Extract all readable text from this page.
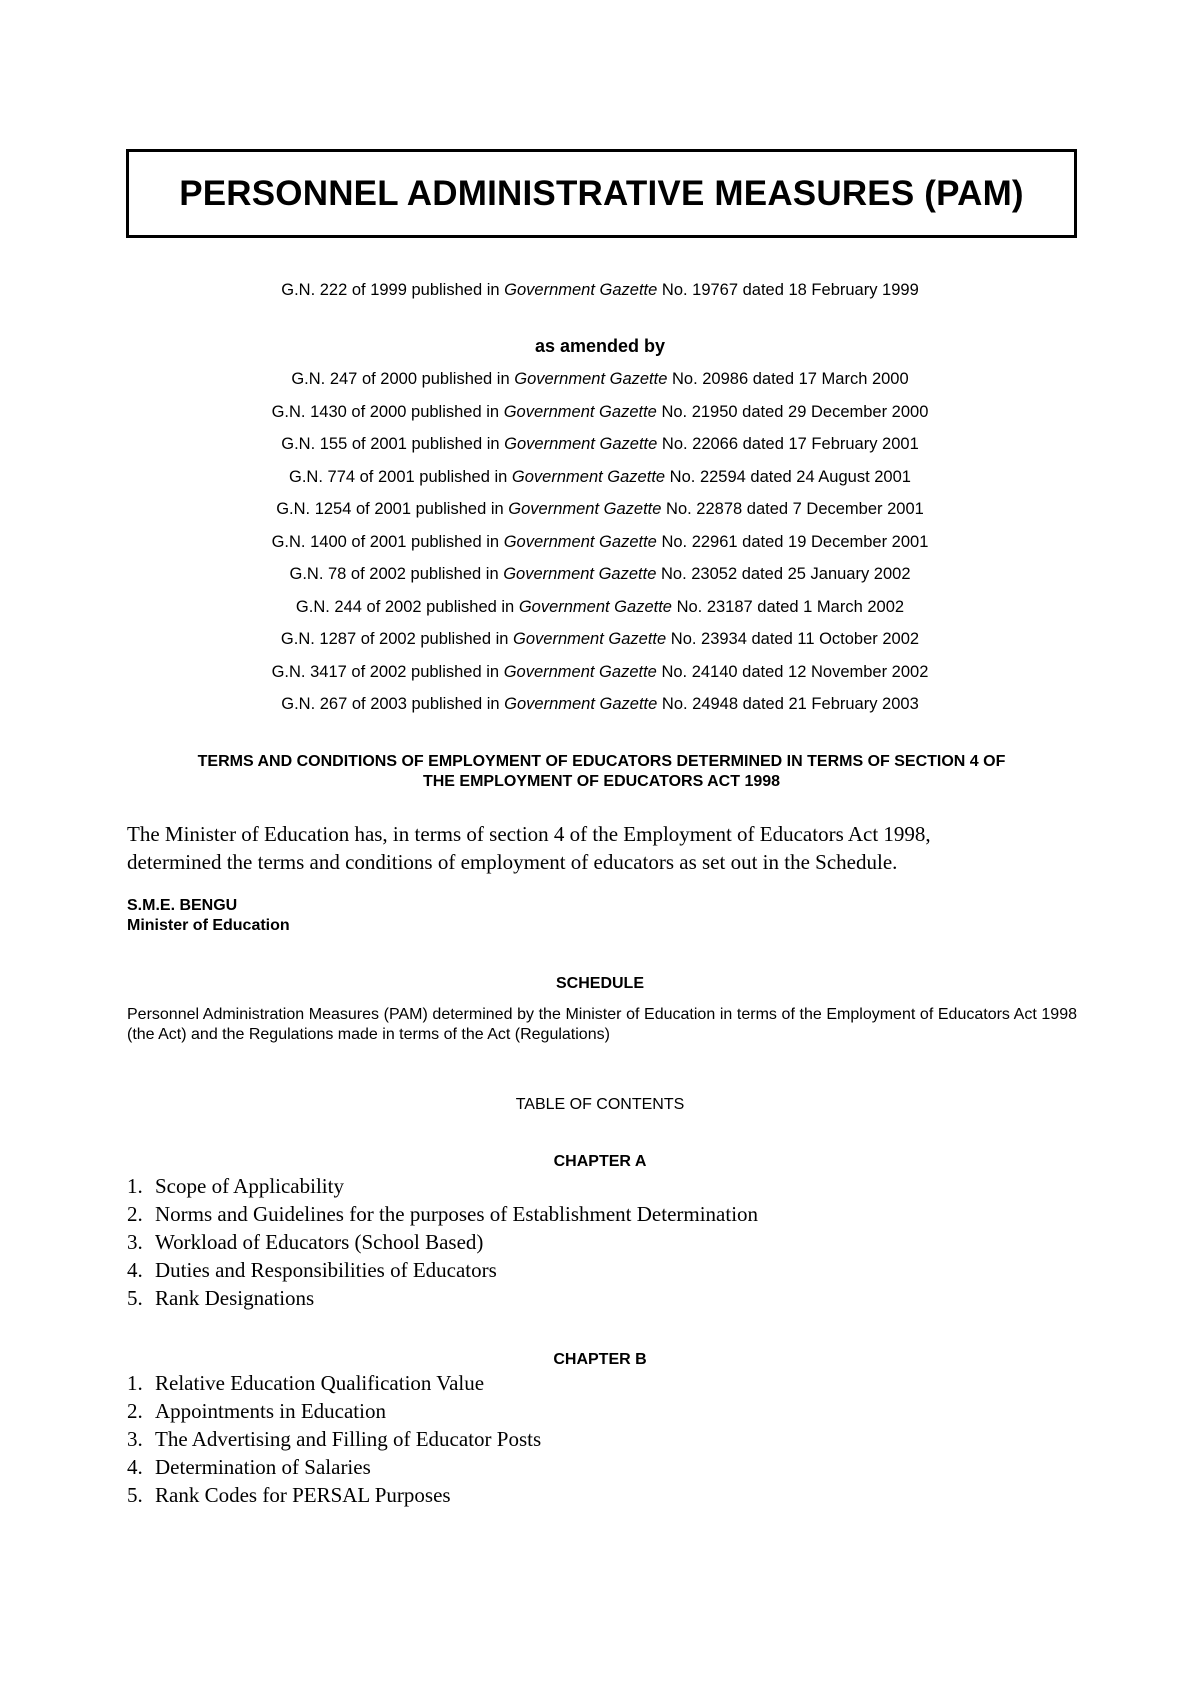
PERSONNEL ADMINISTRATIVE MEASURES (PAM)
G.N. 222 of 1999 published in Government Gazette No. 19767 dated 18 February 1999
as amended by
G.N. 247 of 2000 published in Government Gazette No. 20986 dated 17 March 2000
G.N. 1430 of 2000 published in Government Gazette No. 21950 dated 29 December 2000
G.N. 155 of 2001 published in Government Gazette No. 22066 dated 17 February 2001
G.N. 774 of 2001 published in Government Gazette No. 22594 dated 24 August 2001
G.N. 1254 of 2001 published in Government Gazette No. 22878 dated 7 December 2001
G.N. 1400 of 2001 published in Government Gazette No. 22961 dated 19 December 2001
G.N. 78 of 2002 published in Government Gazette No. 23052 dated 25 January 2002
G.N. 244 of 2002 published in Government Gazette No. 23187 dated 1 March 2002
G.N. 1287 of 2002 published in Government Gazette No. 23934 dated 11 October 2002
G.N. 3417 of 2002 published in Government Gazette No. 24140 dated 12 November 2002
G.N. 267 of 2003 published in Government Gazette No. 24948 dated 21 February 2003
TERMS AND CONDITIONS OF EMPLOYMENT OF EDUCATORS DETERMINED IN TERMS OF SECTION 4 OF
THE EMPLOYMENT OF EDUCATORS ACT 1998
The Minister of Education has, in terms of section 4 of the Employment of Educators Act 1998,
determined the terms and conditions of employment of educators as set out in the Schedule.
S.M.E. BENGU
Minister of Education
SCHEDULE
Personnel Administration Measures (PAM) determined by the Minister of Education in terms of the Employment of Educators Act 1998 (the Act) and the Regulations made in terms of the Act (Regulations)
TABLE OF CONTENTS
CHAPTER A
1. Scope of Applicability
2. Norms and Guidelines for the purposes of Establishment Determination
3. Workload of Educators (School Based)
4. Duties and Responsibilities of Educators
5. Rank Designations
CHAPTER B
1. Relative Education Qualification Value
2. Appointments in Education
3. The Advertising and Filling of Educator Posts
4. Determination of Salaries
5. Rank Codes for PERSAL Purposes
